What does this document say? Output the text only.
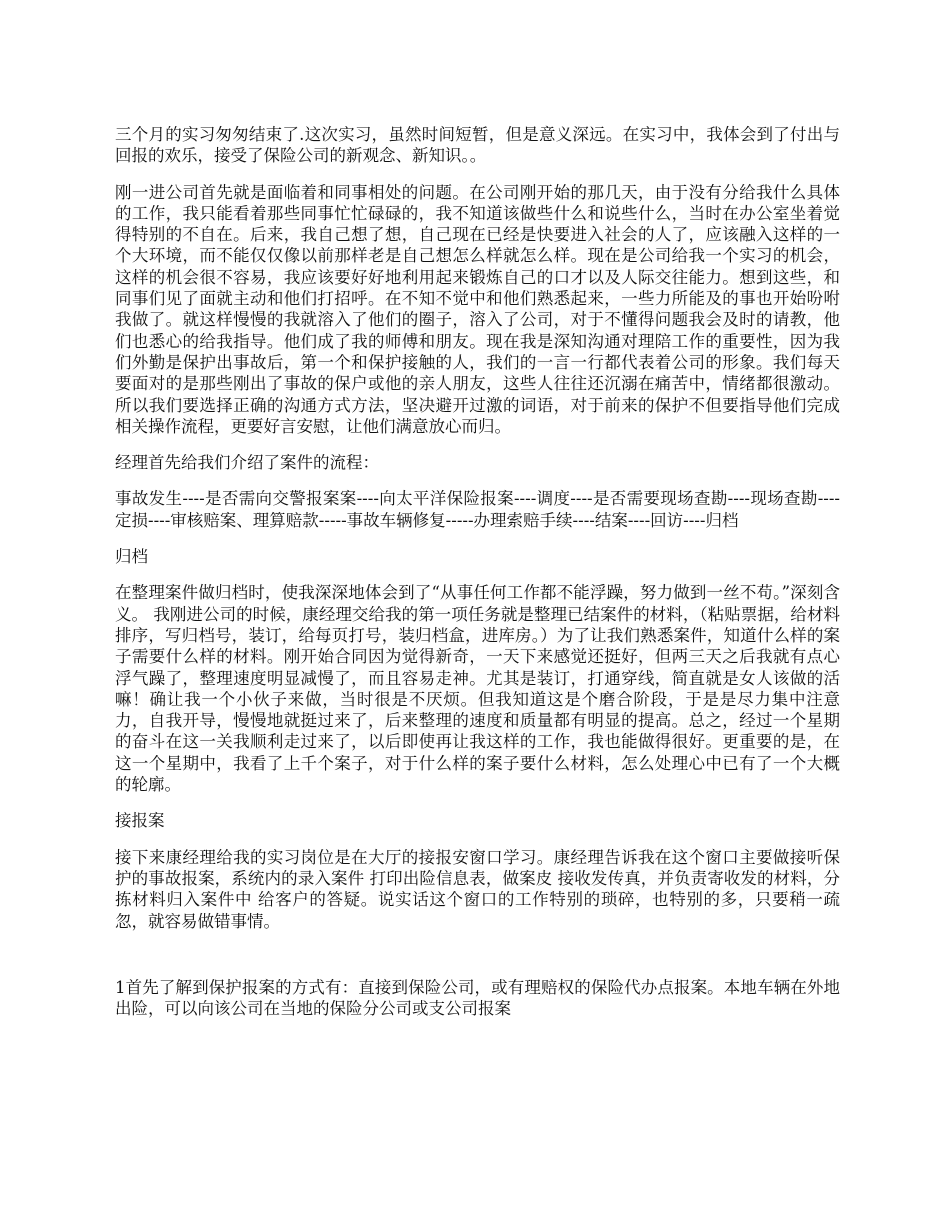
三个月的实习匆匆结束了.这次实习，虽然时间短暂，但是意义深远。在实习中，我体会到了付出与回报的欢乐，接受了保险公司的新观念、新知识。。

刚一进公司首先就是面临着和同事相处的问题。在公司刚开始的那几天，由于没有分给我什么具体的工作，我只能看着那些同事忙忙碌碌的，我不知道该做些什么和说些什么，当时在办公室坐着觉得特别的不自在。后来，我自己想了想，自己现在已经是快要进入社会的人了，应该融入这样的一个大环境，而不能仅仅像以前那样老是自己想怎么样就怎么样。现在是公司给我一个实习的机会，这样的机会很不容易，我应该要好好地利用起来锻炼自己的口才以及人际交往能力。想到这些，和同事们见了面就主动和他们打招呼。在不知不觉中和他们熟悉起来，一些力所能及的事也开始吩咐我做了。就这样慢慢的我就溶入了他们的圈子，溶入了公司，对于不懂得问题我会及时的请教，他们也悉心的给我指导。他们成了我的师傅和朋友。现在我是深知沟通对理陪工作的重要性，因为我们外勤是保护出事故后，第一个和保护接触的人，我们的一言一行都代表着公司的形象。我们每天要面对的是那些刚出了事故的保户或他的亲人朋友，这些人往往还沉溺在痛苦中，情绪都很激动。所以我们要选择正确的沟通方式方法，坚决避开过激的词语，对于前来的保护不但要指导他们完成相关操作流程，更要好言安慰，让他们满意放心而归。

经理首先给我们介绍了案件的流程：

事故发生----是否需向交警报案案----向太平洋保险报案----调度----是否需要现场查勘----现场查勘----定损----审核赔案、理算赔款-----事故车辆修复-----办理索赔手续----结案----回访----归档

归档

在整理案件做归档时，使我深深地体会到了“从事任何工作都不能浮躁，努力做到一丝不苟。”深刻含义。 我刚进公司的时候，康经理交给我的第一项任务就是整理已结案件的材料，（粘贴票据，给材料排序，写归档号，装订，给每页打号，装归档盒，进库房。）为了让我们熟悉案件，知道什么样的案子需要什么样的材料。刚开始合同因为觉得新奇，一天下来感觉还挺好，但两三天之后我就有点心浮气躁了，整理速度明显减慢了，而且容易走神。尤其是装订，打通穿线，简直就是女人该做的活嘛！确让我一个小伙子来做，当时很是不厌烦。但我知道这是个磨合阶段，于是是尽力集中注意力，自我开导，慢慢地就挺过来了，后来整理的速度和质量都有明显的提高。总之，经过一个星期的奋斗在这一关我顺利走过来了，以后即使再让我这样的工作，我也能做得很好。更重要的是，在这一个星期中，我看了上千个案子，对于什么样的案子要什么材料，怎么处理心中已有了一个大概的轮廓。

接报案

接下来康经理给我的实习岗位是在大厅的接报安窗口学习。康经理告诉我在这个窗口主要做接听保护的事故报案，系统内的录入案件 打印出险信息表，做案皮 接收发传真，并负责寄收发的材料，分拣材料归入案件中 给客户的答疑。说实话这个窗口的工作特别的琐碎，也特别的多，只要稍一疏忽，就容易做错事情。

1首先了解到保护报案的方式有：直接到保险公司，或有理赔权的保险代办点报案。本地车辆在外地出险，可以向该公司在当地的保险分公司或支公司报案
